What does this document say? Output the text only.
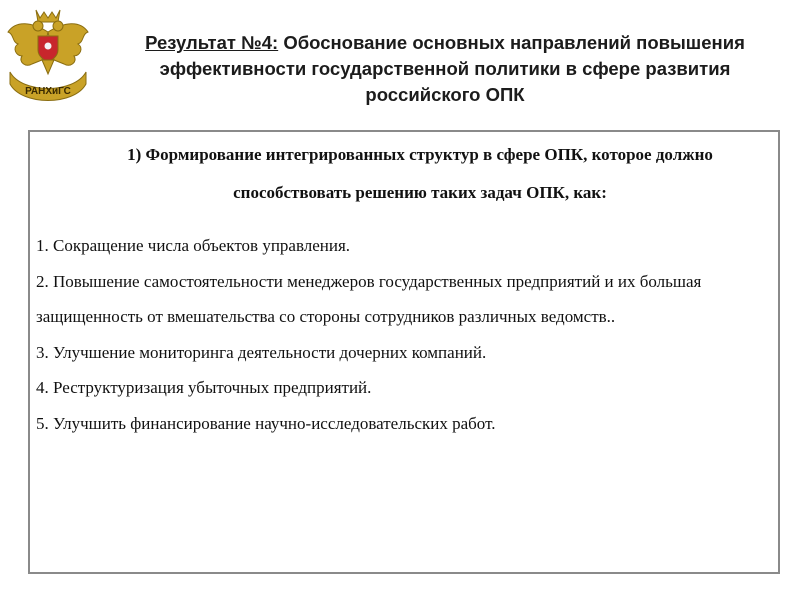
РАНХиГС
Результат №4: Обоснование основных направлений повышения эффективности государственной политики в сфере развития российского ОПК
1) Формирование интегрированных структур в сфере ОПК, которое должно способствовать решению таких задач ОПК, как:
1. Сокращение числа объектов управления.
2. Повышение самостоятельности менеджеров государственных предприятий и их большая защищенность от вмешательства со стороны сотрудников различных ведомств..
3. Улучшение мониторинга деятельности дочерних компаний.
4. Реструктуризация убыточных предприятий.
5. Улучшить финансирование научно-исследовательских работ.
